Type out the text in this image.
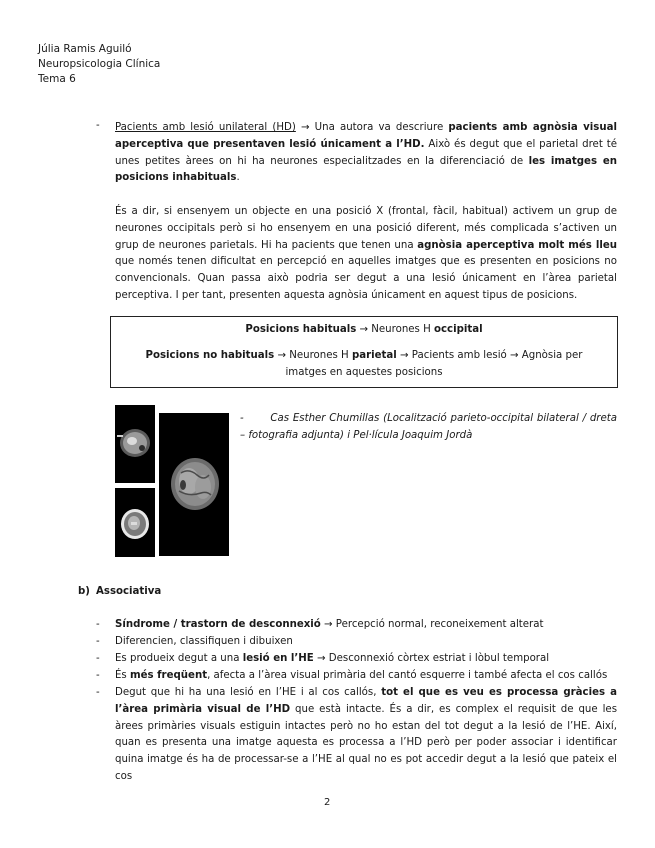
Júlia Ramis Aguiló
Neuropsicologia Clínica
Tema 6
- Pacients amb lesió unilateral (HD) → Una autora va descriure pacients amb agnòsia visual aperceptiva que presentaven lesió únicament a l’HD. Això és degut que el parietal dret té unes petites àrees on hi ha neurones especialitzades en la diferenciació de les imatges en posicions inhabituals.
És a dir, si ensenyem un objecte en una posició X (frontal, fàcil, habitual) activem un grup de neurones occipitals però si ho ensenyem en una posició diferent, més complicada s’activen un grup de neurones parietals. Hi ha pacients que tenen una agnòsia aperceptiva molt més lleu que només tenen dificultat en percepció en aquelles imatges que es presenten en posicions no convencionals. Quan passa això podria ser degut a una lesió únicament en l’àrea parietal perceptiva. I per tant, presenten aquesta agnòsia únicament en aquest tipus de posicions.
Posicions habituals → Neurones H occipital
Posicions no habituals → Neurones H parietal → Pacients amb lesió → Agnòsia per imatges en aquestes posicions
-	Cas Esther Chumillas (Localització parieto-occipital bilateral / dreta – fotografia adjunta) i Pel·lícula Joaquim Jordà
b) Associativa
- Síndrome / trastorn de desconnexió → Percepció normal, reconeixement alterat
- Diferencien, classifiquen i dibuixen
- Es produeix degut a una lesió en l’HE → Desconnexió còrtex estriat i lòbul temporal
- És més freqüent, afecta a l’àrea visual primària del cantó esquerre i també afecta el cos callós
- Degut que hi ha una lesió en l’HE i al cos callós, tot el que es veu es processa gràcies a l’àrea primària visual de l’HD que està intacte. És a dir, es complex el requisit de que les àrees primàries visuals estiguin intactes però no ho estan del tot degut a la lesió de l’HE. Així, quan es presenta una imatge aquesta es processa a l’HD però per poder associar i identificar quina imatge és ha de processar-se a l’HE al qual no es pot accedir degut a la lesió que pateix el cos
2
